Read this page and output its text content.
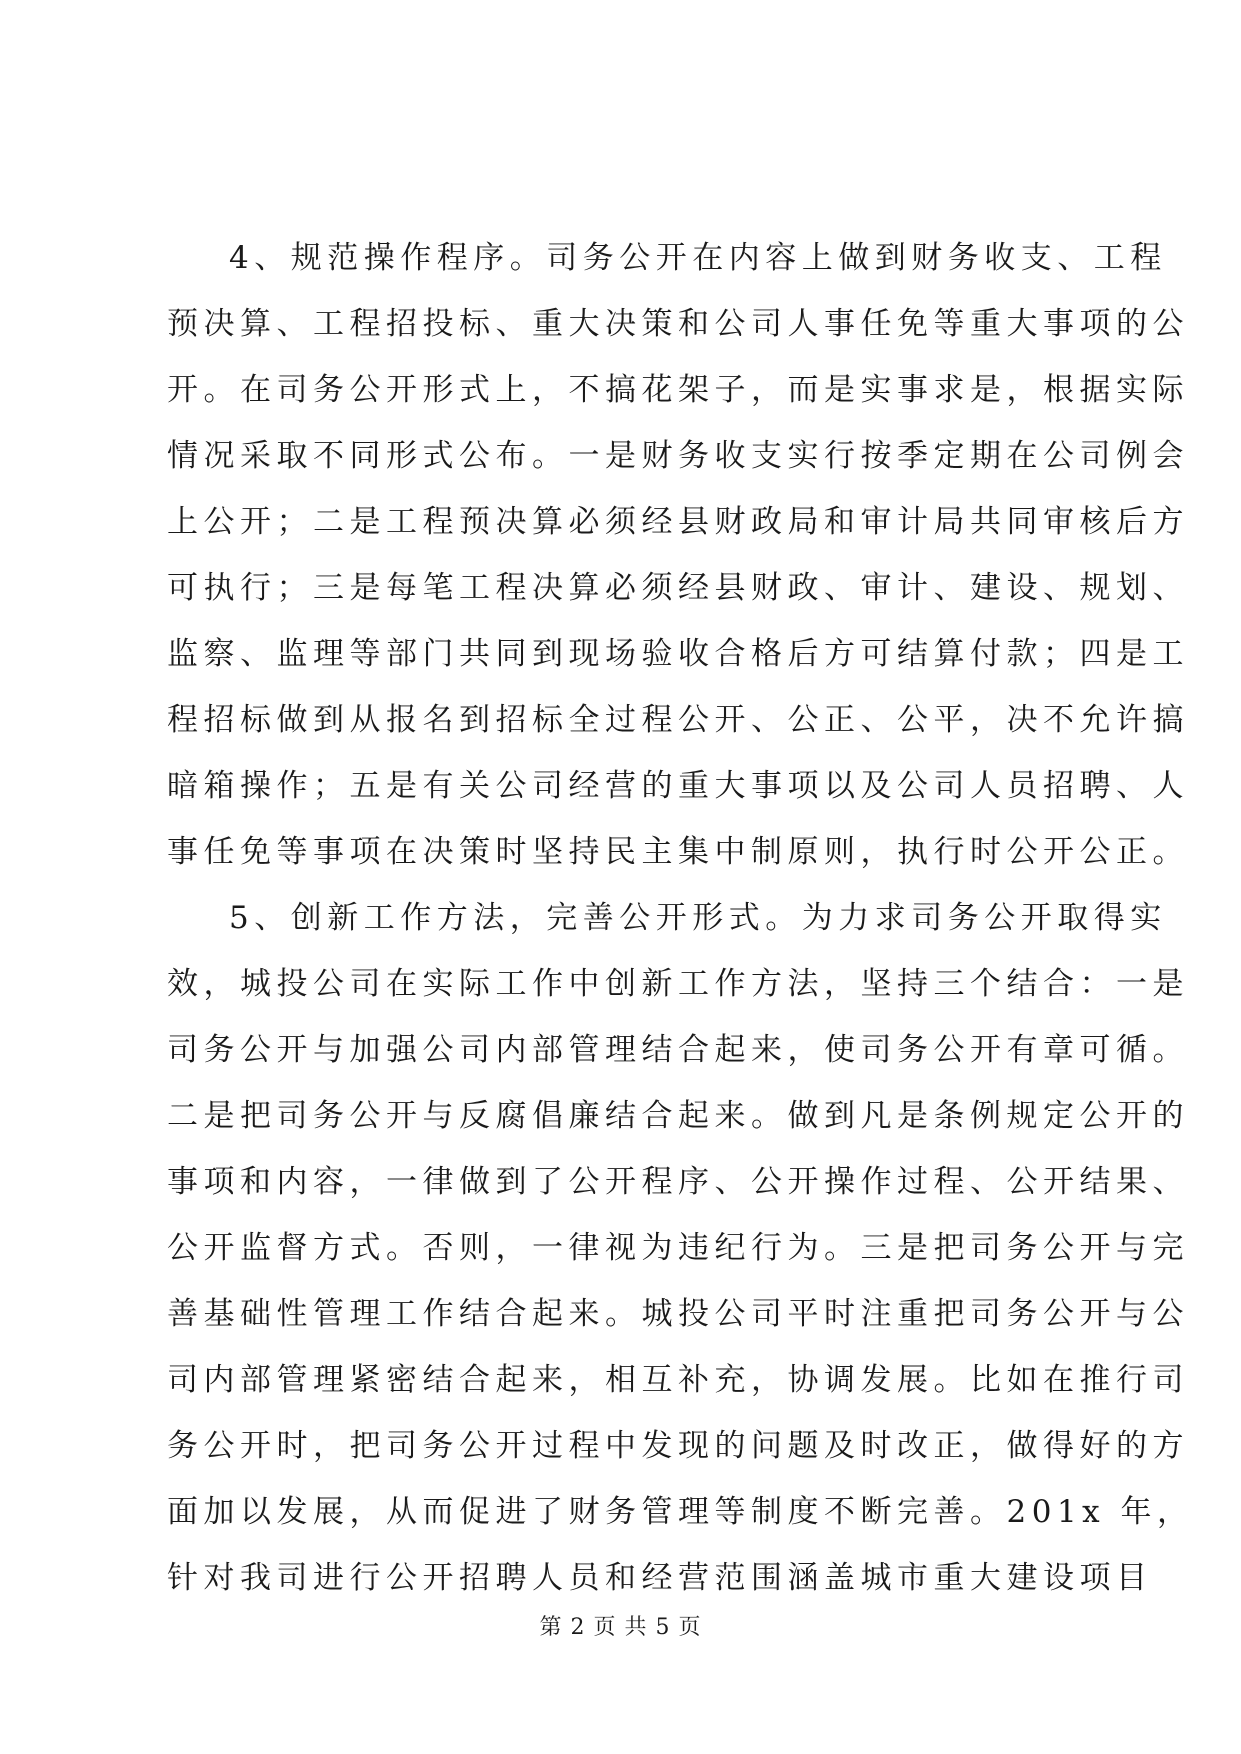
4、规范操作程序。司务公开在内容上做到财务收支、工程
预决算、工程招投标、重大决策和公司人事任免等重大事项的公
开。在司务公开形式上，不搞花架子，而是实事求是，根据实际
情况采取不同形式公布。一是财务收支实行按季定期在公司例会
上公开；二是工程预决算必须经县财政局和审计局共同审核后方
可执行；三是每笔工程决算必须经县财政、审计、建设、规划、
监察、监理等部门共同到现场验收合格后方可结算付款；四是工
程招标做到从报名到招标全过程公开、公正、公平，决不允许搞
暗箱操作；五是有关公司经营的重大事项以及公司人员招聘、人
事任免等事项在决策时坚持民主集中制原则，执行时公开公正。
5、创新工作方法，完善公开形式。为力求司务公开取得实
效，城投公司在实际工作中创新工作方法，坚持三个结合：一是
司务公开与加强公司内部管理结合起来，使司务公开有章可循。
二是把司务公开与反腐倡廉结合起来。做到凡是条例规定公开的
事项和内容，一律做到了公开程序、公开操作过程、公开结果、
公开监督方式。否则，一律视为违纪行为。三是把司务公开与完
善基础性管理工作结合起来。城投公司平时注重把司务公开与公
司内部管理紧密结合起来，相互补充，协调发展。比如在推行司
务公开时，把司务公开过程中发现的问题及时改正，做得好的方
面加以发展，从而促进了财务管理等制度不断完善。201x 年，
针对我司进行公开招聘人员和经营范围涵盖城市重大建设项目
第 2 页 共 5 页
